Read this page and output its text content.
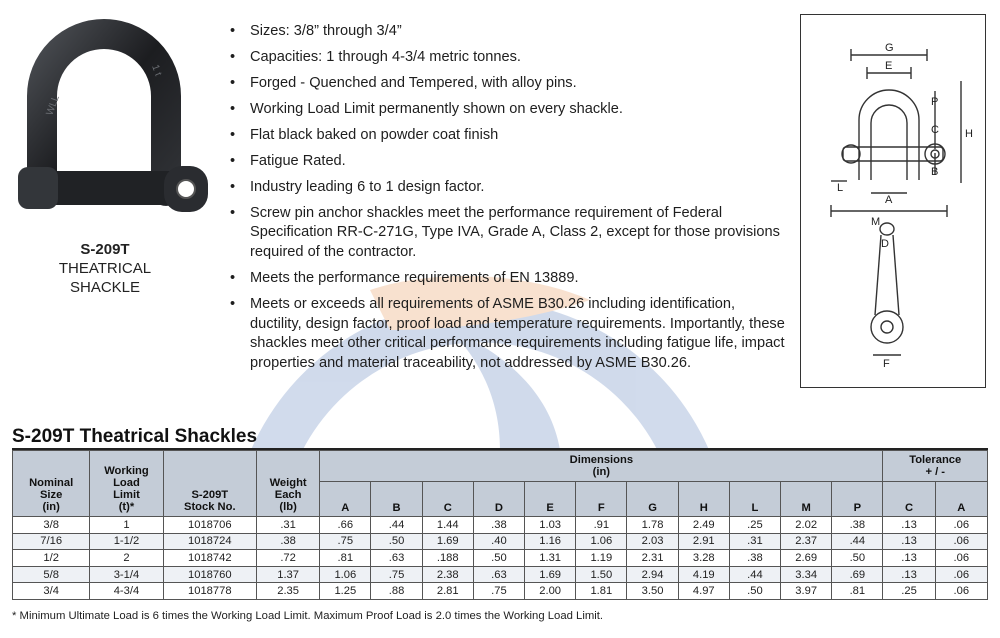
WLL
1 t
S-209T
THEATRICAL
SHACKLE
• Sizes: 3/8” through 3/4”
• Capacities: 1 through 4-3/4 metric tonnes.
• Forged - Quenched and Tempered, with alloy pins.
• Working Load Limit permanently shown on every shackle.
• Flat black baked on powder coat finish
• Fatigue Rated.
• Industry leading 6 to 1 design factor.
• Screw pin anchor shackles meet the performance requirement of Federal Specification RR-C-271G, Type IVA, Grade A, Class 2, except for those provisions required of the contractor.
• Meets the performance requirements of EN 13889.
• Meets or exceeds all requirements of ASME B30.26 including identification, ductility, design factor, proof load and temperature requirements. Importantly, these shackles meet other critical performance requirements including fatigue life, impact properties and material traceability, not addressed by ASME B30.26.
G
E
P
C H
B
L
A
M
D
F
S-209T Theatrical Shackles
Nominal
Size
(in)	Working
Load
Limit
(t)*	S-209T
Stock No.	Weight
Each
(lb)	Dimensions
(in)											Tolerance
+ / -	
				A	B	C	D	E	F	G	H	L	M	P	C	A
3/8	1	1018706	.31	.66	.44	1.44	.38	1.03	.91	1.78	2.49	.25	2.02	.38	.13	.06
7/16	1-1/2	1018724	.38	.75	.50	1.69	.40	1.16	1.06	2.03	2.91	.31	2.37	.44	.13	.06
1/2	2	1018742	.72	.81	.63	.188	.50	1.31	1.19	2.31	3.28	.38	2.69	.50	.13	.06
5/8	3-1/4	1018760	1.37	1.06	.75	2.38	.63	1.69	1.50	2.94	4.19	.44	3.34	.69	.13	.06
3/4	4-3/4	1018778	2.35	1.25	.88	2.81	.75	2.00	1.81	3.50	4.97	.50	3.97	.81	.25	.06
* Minimum Ultimate Load is 6 times the Working Load Limit. Maximum Proof Load is 2.0 times the Working Load Limit.
